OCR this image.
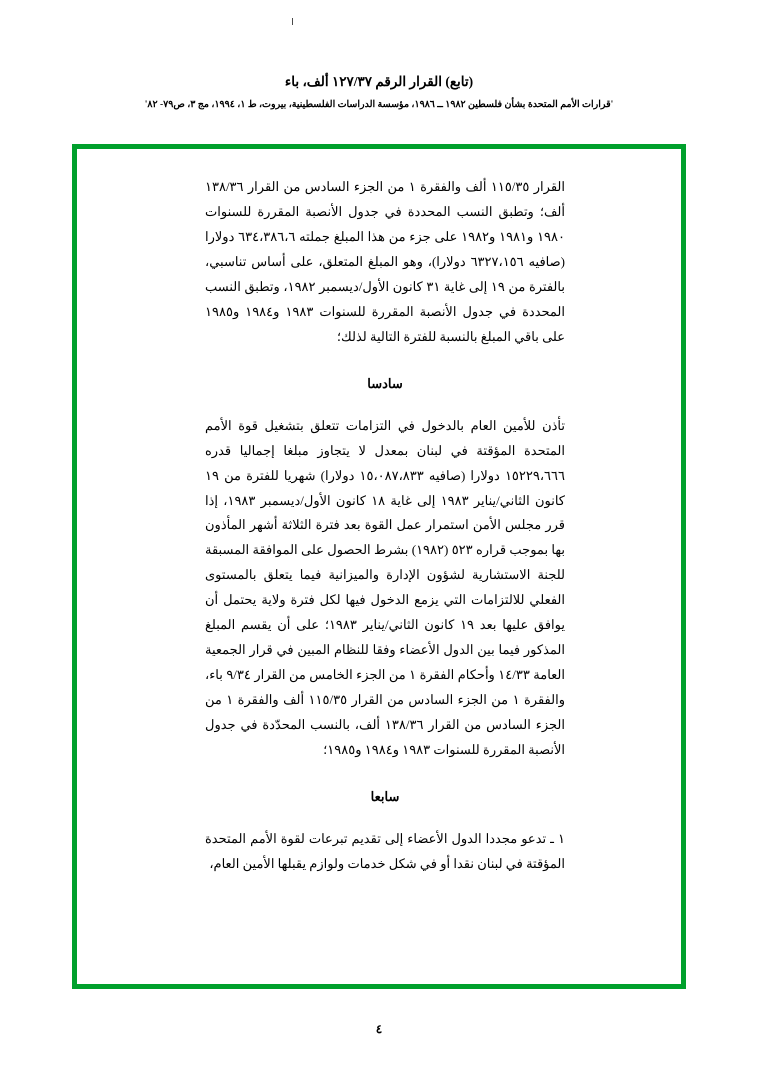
(تابع) القرار الرقم ١٢٧/٣٧ ألف، باء
'قرارات الأمم المتحدة بشأن فلسطين ١٩٨٢ ــ ١٩٨٦، مؤسسة الدراسات الفلسطينية، بيروت، ط ١، ١٩٩٤، مج ٣، ص٧٩- ٨٢'

القرار ١١٥/٣٥ ألف والفقرة ١ من الجزء السادس من القرار ١٣٨/٣٦ ألف؛ وتطبق النسب المحددة في جدول الأنصبة المقررة للسنوات ١٩٨٠ و١٩٨١ و١٩٨٢ على جزء من هذا المبلغ جملته ٦٣٤،٣٨٦،٦ دولارا (صافيه ٦٣٢٧،١٥٦ دولارا)، وهو المبلغ المتعلق، على أساس تناسبي، بالفترة من ١٩ إلى غاية ٣١ كانون الأول/ديسمبر ١٩٨٢، وتطبق النسب المحددة في جدول الأنصبة المقررة للسنوات ١٩٨٣ و١٩٨٤ و١٩٨٥ على باقي المبلغ بالنسبة للفترة التالية لذلك؛

سادسا

تأذن للأمين العام بالدخول في التزامات تتعلق بتشغيل قوة الأمم المتحدة المؤقتة في لبنان بمعدل لا يتجاوز مبلغا إجماليا قدره ١٥٢٢٩،٦٦٦ دولارا (صافيه ١٥،٠٨٧،٨٣٣ دولارا) شهريا للفترة من ١٩ كانون الثاني/يناير ١٩٨٣ إلى غاية ١٨ كانون الأول/ديسمبر ١٩٨٣، إذا قرر مجلس الأمن استمرار عمل القوة بعد فترة الثلاثة أشهر المأذون بها بموجب قراره ٥٢٣ (١٩٨٢) بشرط الحصول على الموافقة المسبقة للجنة الاستشارية لشؤون الإدارة والميزانية فيما يتعلق بالمستوى الفعلي للالتزامات التي يزمع الدخول فيها لكل فترة ولاية يحتمل أن يوافق عليها بعد ١٩ كانون الثاني/يناير ١٩٨٣؛ على أن يقسم المبلغ المذكور فيما بين الدول الأعضاء وفقا للنظام المبين في قرار الجمعية العامة ١٤/٣٣ وأحكام الفقرة ١ من الجزء الخامس من القرار ٩/٣٤ باء، والفقرة ١ من الجزء السادس من القرار ١١٥/٣٥ ألف والفقرة ١ من الجزء السادس من القرار ١٣٨/٣٦ ألف، بالنسب المحدّدة في جدول الأنصبة المقررة للسنوات ١٩٨٣ و١٩٨٤ و١٩٨٥؛

سابعا

١ ـ تدعو مجددا الدول الأعضاء إلى تقديم تبرعات لقوة الأمم المتحدة المؤقتة في لبنان نقدا أو في شكل خدمات ولوازم يقبلها الأمين العام،

٤
